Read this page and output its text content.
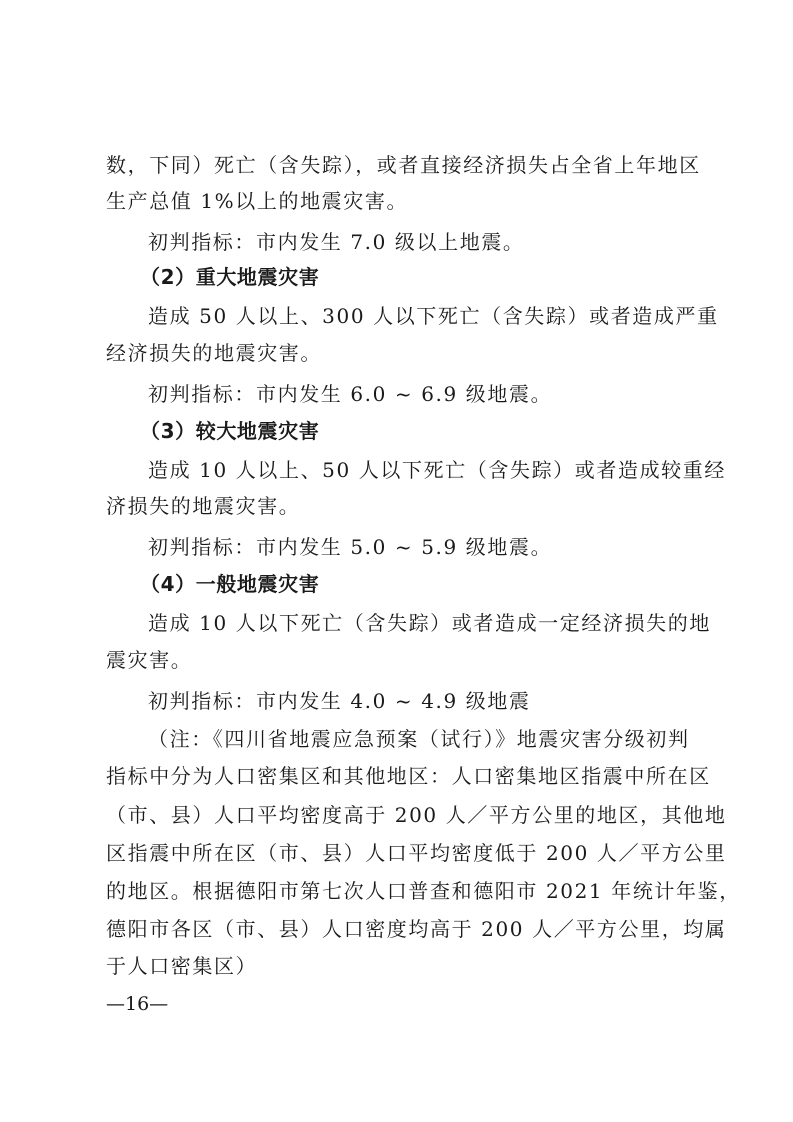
数，下同）死亡（含失踪），或者直接经济损失占全省上年地区
生产总值 1%以上的地震灾害。
初判指标：市内发生 7.0 级以上地震。
（2）重大地震灾害
造成 50 人以上、300 人以下死亡（含失踪）或者造成严重
经济损失的地震灾害。
初判指标：市内发生 6.0 ~ 6.9 级地震。
（3）较大地震灾害
造成 10 人以上、50 人以下死亡（含失踪）或者造成较重经
济损失的地震灾害。
初判指标：市内发生 5.0 ~ 5.9 级地震。
（4）一般地震灾害
造成 10 人以下死亡（含失踪）或者造成一定经济损失的地
震灾害。
初判指标：市内发生 4.0 ~ 4.9 级地震
（注：《四川省地震应急预案（试行）》地震灾害分级初判
指标中分为人口密集区和其他地区：人口密集地区指震中所在区
（市、县）人口平均密度高于 200 人／平方公里的地区，其他地
区指震中所在区（市、县）人口平均密度低于 200 人／平方公里
的地区。根据德阳市第七次人口普查和德阳市 2021 年统计年鉴，
德阳市各区（市、县）人口密度均高于 200 人／平方公里，均属
于人口密集区）
—16—
